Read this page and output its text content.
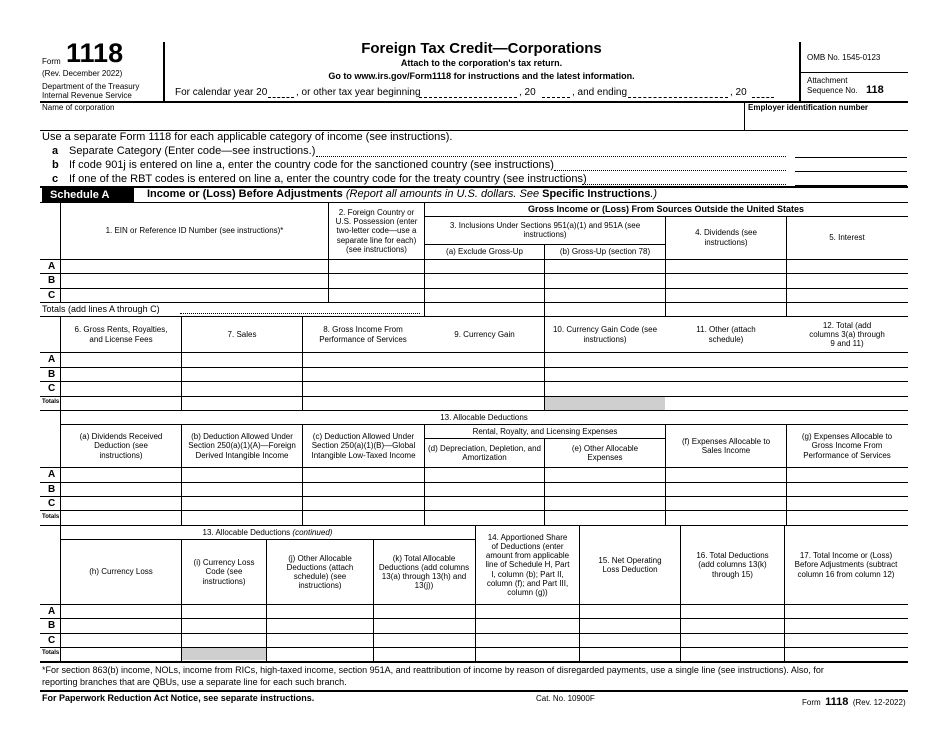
Form 1118
(Rev. December 2022)
Department of the Treasury
Internal Revenue Service
Foreign Tax Credit—Corporations
Attach to the corporation's tax return.
Go to www.irs.gov/Form1118 for instructions and the latest information.
For calendar year 20	, or other tax year beginning	, 20	, and ending	, 20
OMB No. 1545-0123
Attachment
Sequence No. 118
Name of corporation	Employer identification number
Use a separate Form 1118 for each applicable category of income (see instructions).
a Separate Category (Enter code—see instructions.)
b If code 901j is entered on line a, enter the country code for the sanctioned country (see instructions)
c If one of the RBT codes is entered on line a, enter the country code for the treaty country (see instructions)
Schedule A	Income or (Loss) Before Adjustments (Report all amounts in U.S. dollars. See Specific Instructions.)
1. EIN or Reference ID Number (see instructions)*
2. Foreign Country or U.S. Possession (enter two-letter code—use a separate line for each) (see instructions)
Gross Income or (Loss) From Sources Outside the United States
3. Inclusions Under Sections 951(a)(1) and 951A (see instructions)
(a) Exclude Gross-Up	(b) Gross-Up (section 78)
4. Dividends (see instructions)
5. Interest
A
B
C
Totals (add lines A through C)
6. Gross Rents, Royalties, and License Fees
7. Sales
8. Gross Income From Performance of Services
9. Currency Gain
10. Currency Gain Code (see instructions)
11. Other (attach schedule)
12. Total (add columns 3(a) through 9 and 11)
A
B
C
Totals
13. Allocable Deductions
Rental, Royalty, and Licensing Expenses
(a) Dividends Received Deduction (see instructions)
(b) Deduction Allowed Under Section 250(a)(1)(A)—Foreign Derived Intangible Income
(c) Deduction Allowed Under Section 250(a)(1)(B)—Global Intangible Low-Taxed Income
(d) Depreciation, Depletion, and Amortization
(e) Other Allocable Expenses
(f) Expenses Allocable to Sales Income
(g) Expenses Allocable to Gross Income From Performance of Services
A
B
C
Totals
13. Allocable Deductions
(continued)
(h) Currency Loss
(i) Currency Loss Code (see instructions)
(j) Other Allocable Deductions (attach schedule) (see instructions)
(k) Total Allocable Deductions (add columns 13(a) through 13(h) and 13(j))
14. Apportioned Share of Deductions (enter amount from applicable line of Schedule H, Part I, column (b); Part II, column (f); and Part III, column (g))
15. Net Operating Loss Deduction
16. Total Deductions (add columns 13(k) through 15)
17. Total Income or (Loss) Before Adjustments (subtract column 16 from column 12)
A
B
C
Totals
*For section 863(b) income, NOLs, income from RICs, high-taxed income, section 951A, and reattribution of income by reason of disregarded payments, use a single line (see instructions). Also, for
reporting branches that are QBUs, use a separate line for each such branch.
For Paperwork Reduction Act Notice, see separate instructions.	Cat. No. 10900F	Form 1118 (Rev. 12-2022)
